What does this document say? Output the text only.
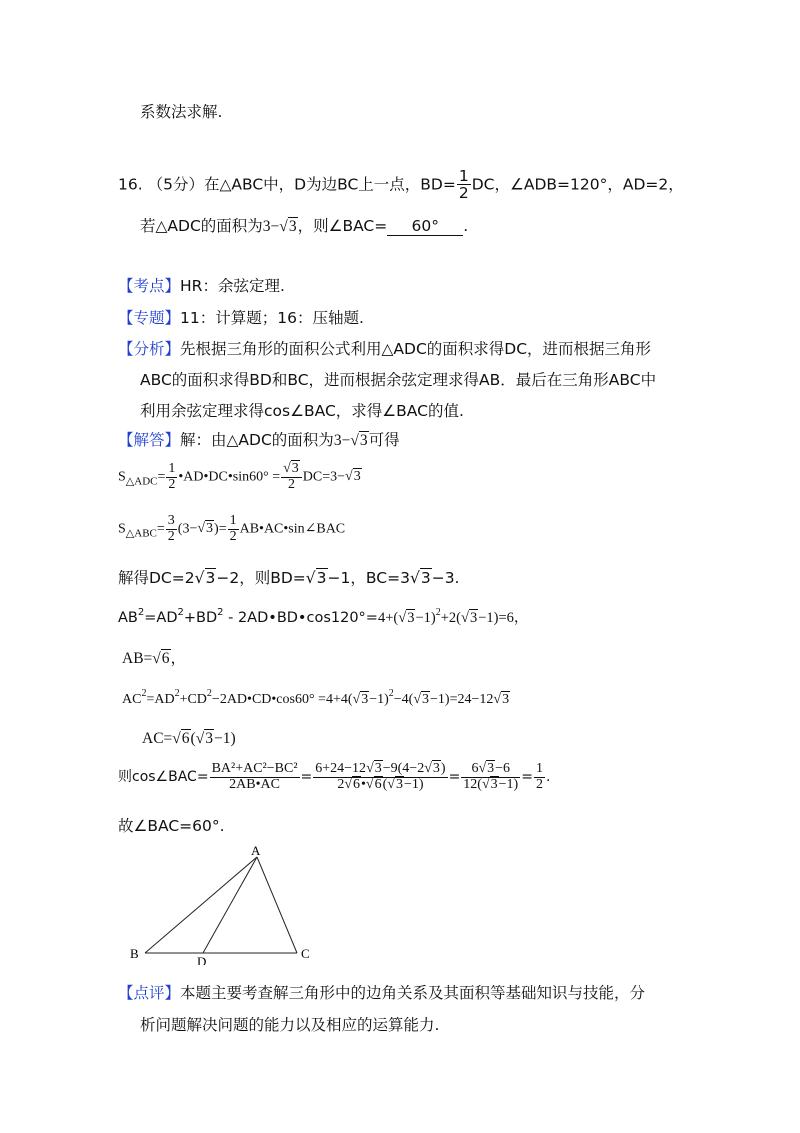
系数法求解.
16. （5分）在△ABC中，D为边BC上一点，$BD= \frac{1}{2}$ DC，∠ADB=120°，AD=2，
若△ADC的面积为3−√3，则∠BAC= 60° .
【考点】HR：余弦定理.
【专题】11：计算题；16：压轴题.
【分析】先根据三角形的面积公式利用△ADC的面积求得DC，进而根据三角形
ABC的面积求得BD和BC，进而根据余弦定理求得AB．最后在三角形ABC中
利用余弦定理求得cos∠BAC，求得∠BAC的值.
【解答】解：由△ADC的面积为3−√3可得
$S_{\triangle ADC}= \frac{1}{2}$ •AD•DC•sin60° = $\frac{√3}{2} DC=3-√3$
$S_{\triangle ABC}= \frac{3}{2} (3-√3)= \frac{1}{2}$ AB•AC•sin∠BAC
解得DC=2√3−2，则BD=√3−1，BC=3√3−3.
$AB^2=AD^2+BD^2$ - $2AD•BD•\cos 120^\circ=4+(√3-1)^2+2(√3-1)=6$，
AB=√6，
$AC^2=AD^2+CD^2-2AD•CD•\cos 60^\circ =4+4(√3-1)^2-4(√3-1)=24-12√3$
AC=√6(√3−1)
则cos∠BAC= $\frac{\text{BA²+AC²−BC²}}{2AB•AC} = \frac{6+24-12√3-9(4-2√3)}{2√6•√6(√3-1)} = \frac{6√3-6}{12(√3-1)} = \frac{1}{2}$ .
故∠BAC=60°.
A
B	C
D
【点评】本题主要考查解三角形中的边角关系及其面积等基础知识与技能，分
析问题解决问题的能力以及相应的运算能力.
